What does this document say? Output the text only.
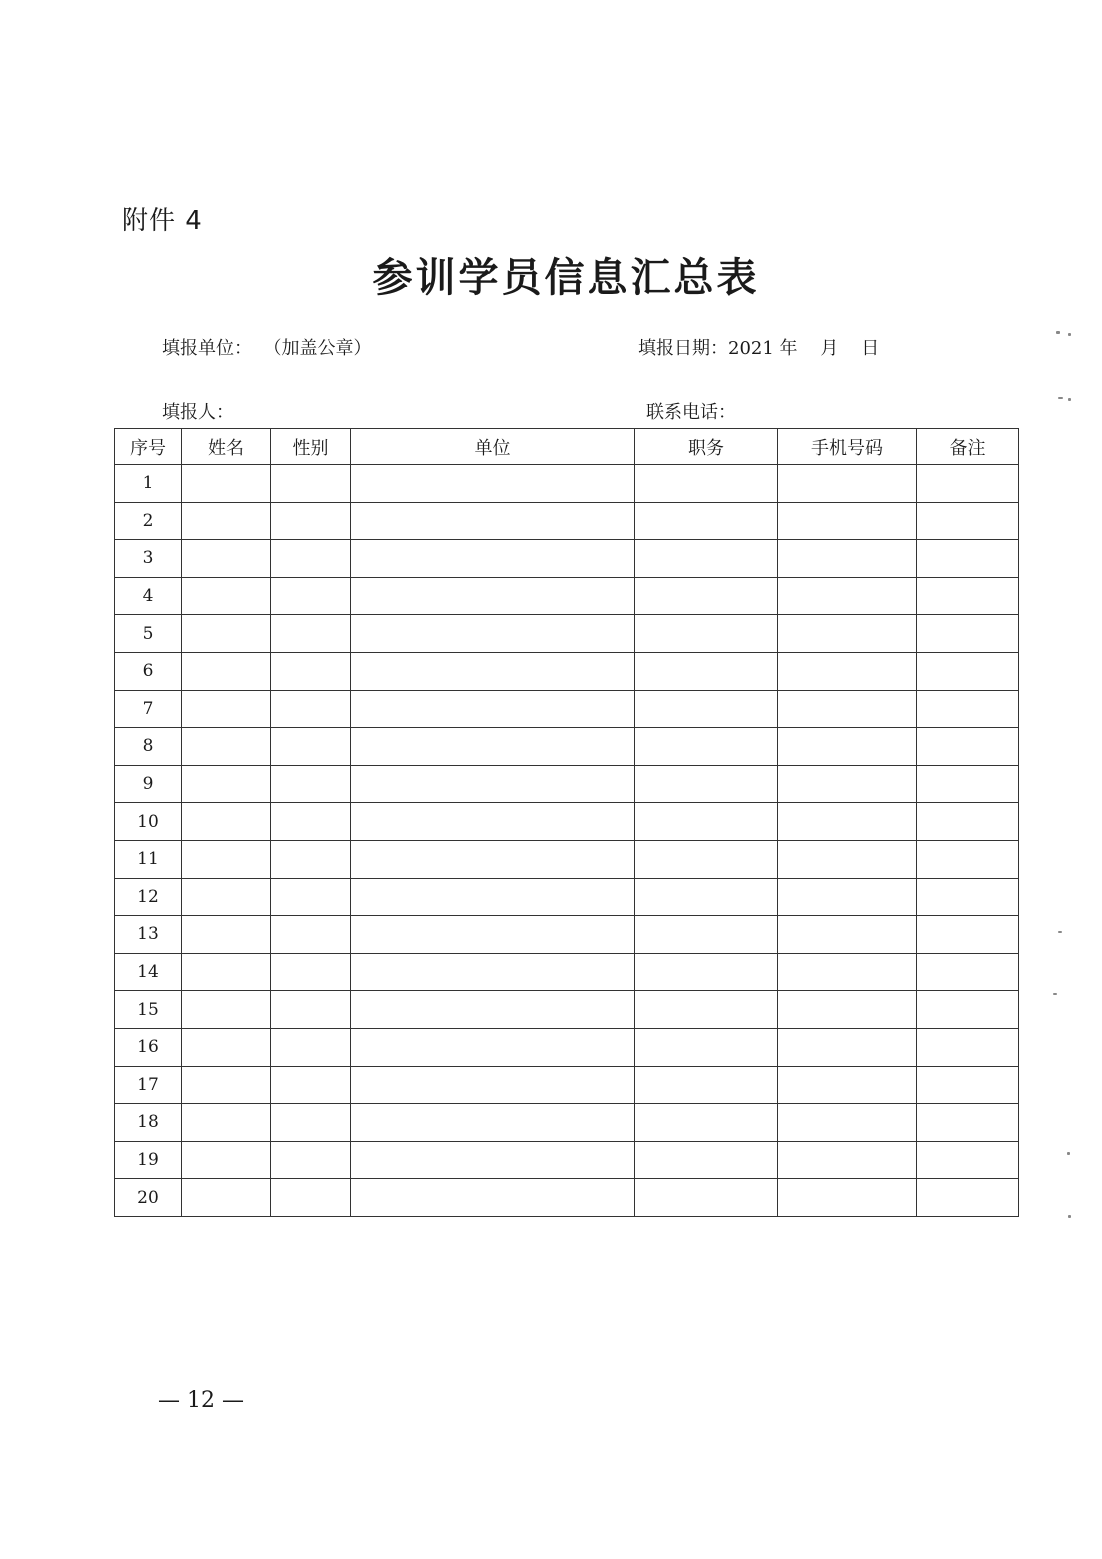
附件 4
参训学员信息汇总表
填报单位：  （加盖公章）	填报日期：2021 年    月    日
填报人：	联系电话：
序号	姓名	性别	单位	职务	手机号码	备注
1						
2						
3						
4						
5						
6						
7						
8						
9						
10						
11						
12						
13						
14						
15						
16						
17						
18						
19						
20						
— 12 —
